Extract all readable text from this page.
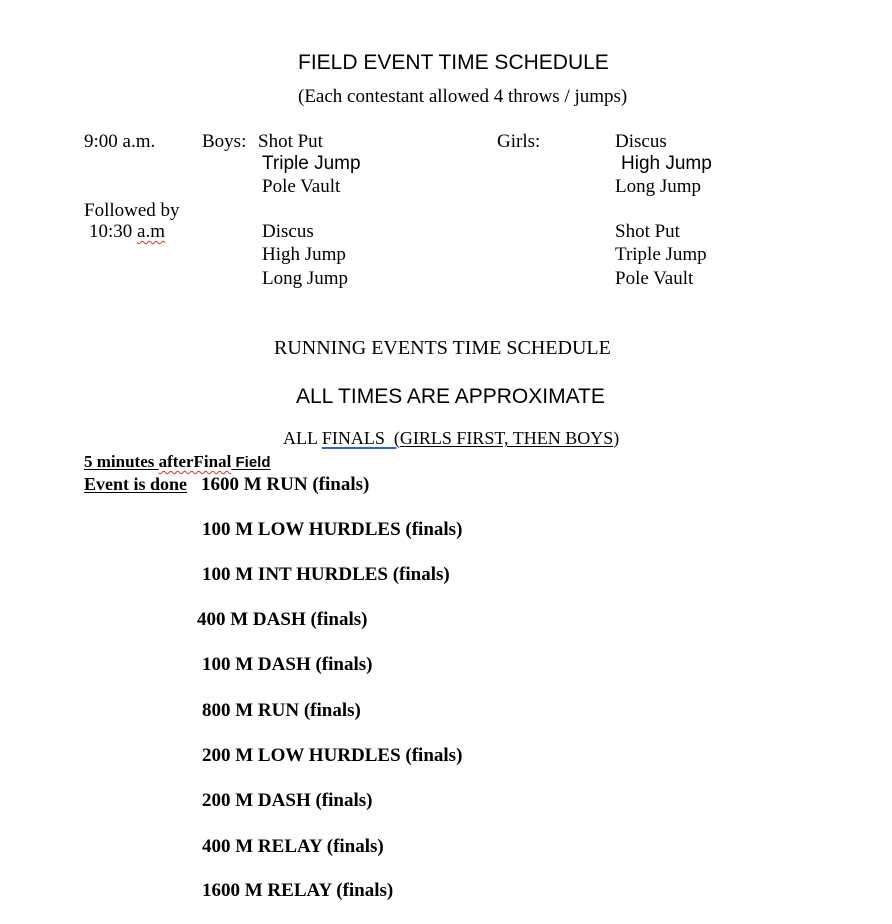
FIELD EVENT TIME SCHEDULE
(Each contestant allowed 4 throws / jumps)
9:00 a.m. Boys: Shot Put
Triple Jump
Pole Vault
Girls:	Discus
High Jump
Long Jump
Followed by
10:30 a.m	Discus
High Jump
Long Jump
Shot Put
Triple Jump
Pole Vault
RUNNING EVENTS TIME SCHEDULE
ALL TIMES ARE APPROXIMATE
ALL FINALS  (GIRLS FIRST, THEN BOYS)
5 minutes afterFinal Field
Event is done 1600 M RUN (finals)
100 M LOW HURDLES (finals)
100 M INT HURDLES (finals)
400 M DASH (finals)
100 M DASH (finals)
800 M RUN (finals)
200 M LOW HURDLES (finals)
200 M DASH (finals)
400 M RELAY (finals)
1600 M RELAY (finals)
